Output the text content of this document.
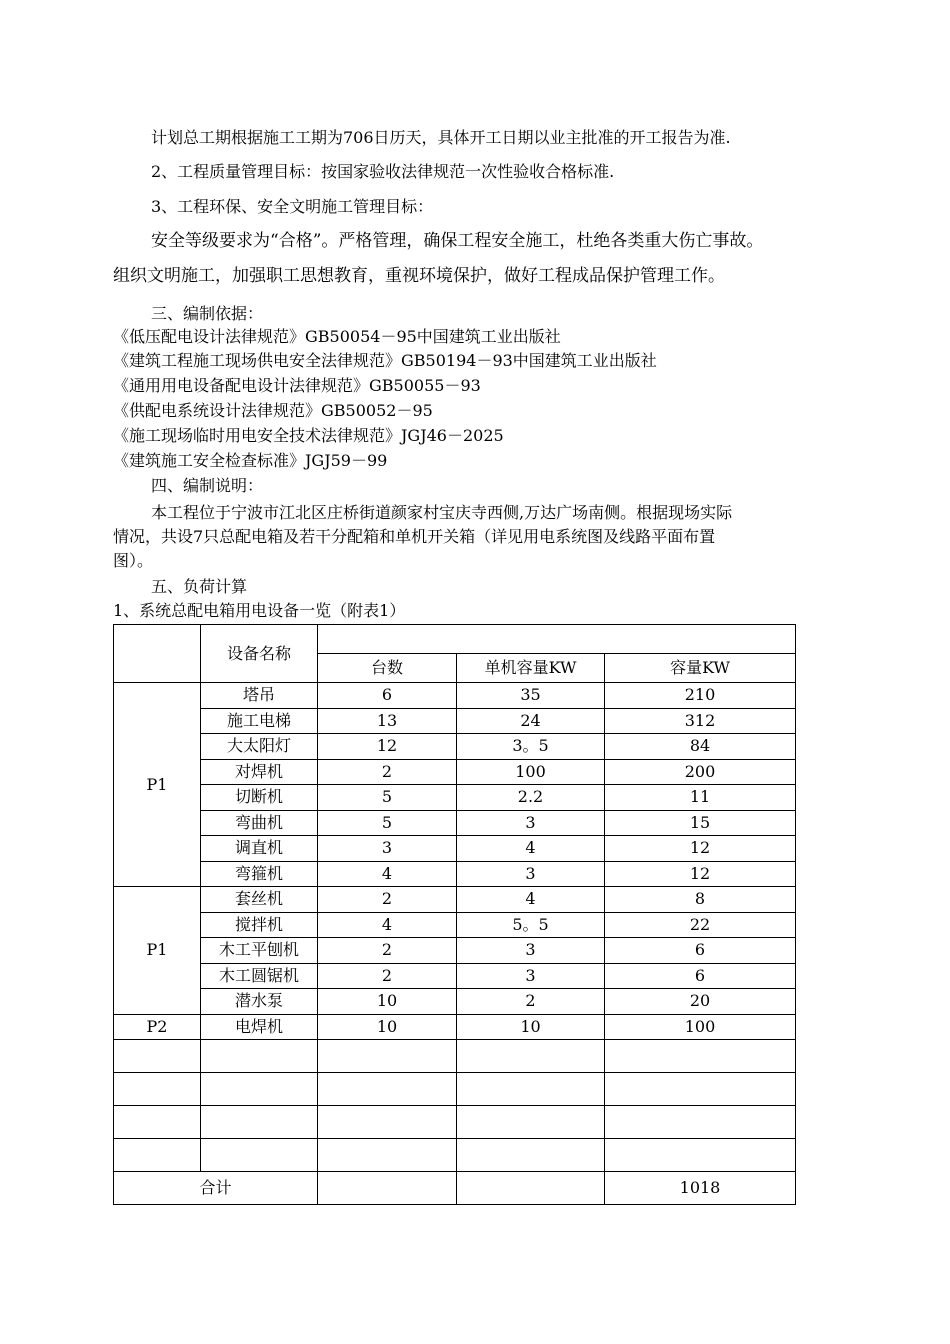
计划总工期根据施工工期为706日历天，具体开工日期以业主批准的开工报告为准.
2、工程质量管理目标：按国家验收法律规范一次性验收合格标准.
3、工程环保、安全文明施工管理目标：
安全等级要求为“合格”。严格管理，确保工程安全施工，杜绝各类重大伤亡事故。
组织文明施工，加强职工思想教育，重视环境保护，做好工程成品保护管理工作。
三、编制依据：
《低压配电设计法律规范》GB50054－95中国建筑工业出版社
《建筑工程施工现场供电安全法律规范》GB50194－93中国建筑工业出版社
《通用用电设备配电设计法律规范》GB50055－93
《供配电系统设计法律规范》GB50052－95
《施工现场临时用电安全技术法律规范》JGJ46－2025
《建筑施工安全检查标准》JGJ59－99
四、编制说明：
本工程位于宁波市江北区庄桥街道颜家村宝庆寺西侧,万达广场南侧。根据现场实际
情况，共设7只总配电箱及若干分配箱和单机开关箱（详见用电系统图及线路平面布置
图）。
五、负荷计算
1、系统总配电箱用电设备一览（附表1）
	设备名称			
		台数	单机容量KW	容量KW
P1	塔吊	6	35	210
	施工电梯	13	24	312
	大太阳灯	12	3。5	84
	对焊机	2	100	200
	切断机	5	2.2	11
	弯曲机	5	3	15
	调直机	3	4	12
	弯箍机	4	3	12
P1	套丝机	2	4	8
	搅拌机	4	5。5	22
	木工平刨机	2	3	6
	木工圆锯机	2	3	6
	潜水泵	10	2	20
P2	电焊机	10	10	100

合计				1018
